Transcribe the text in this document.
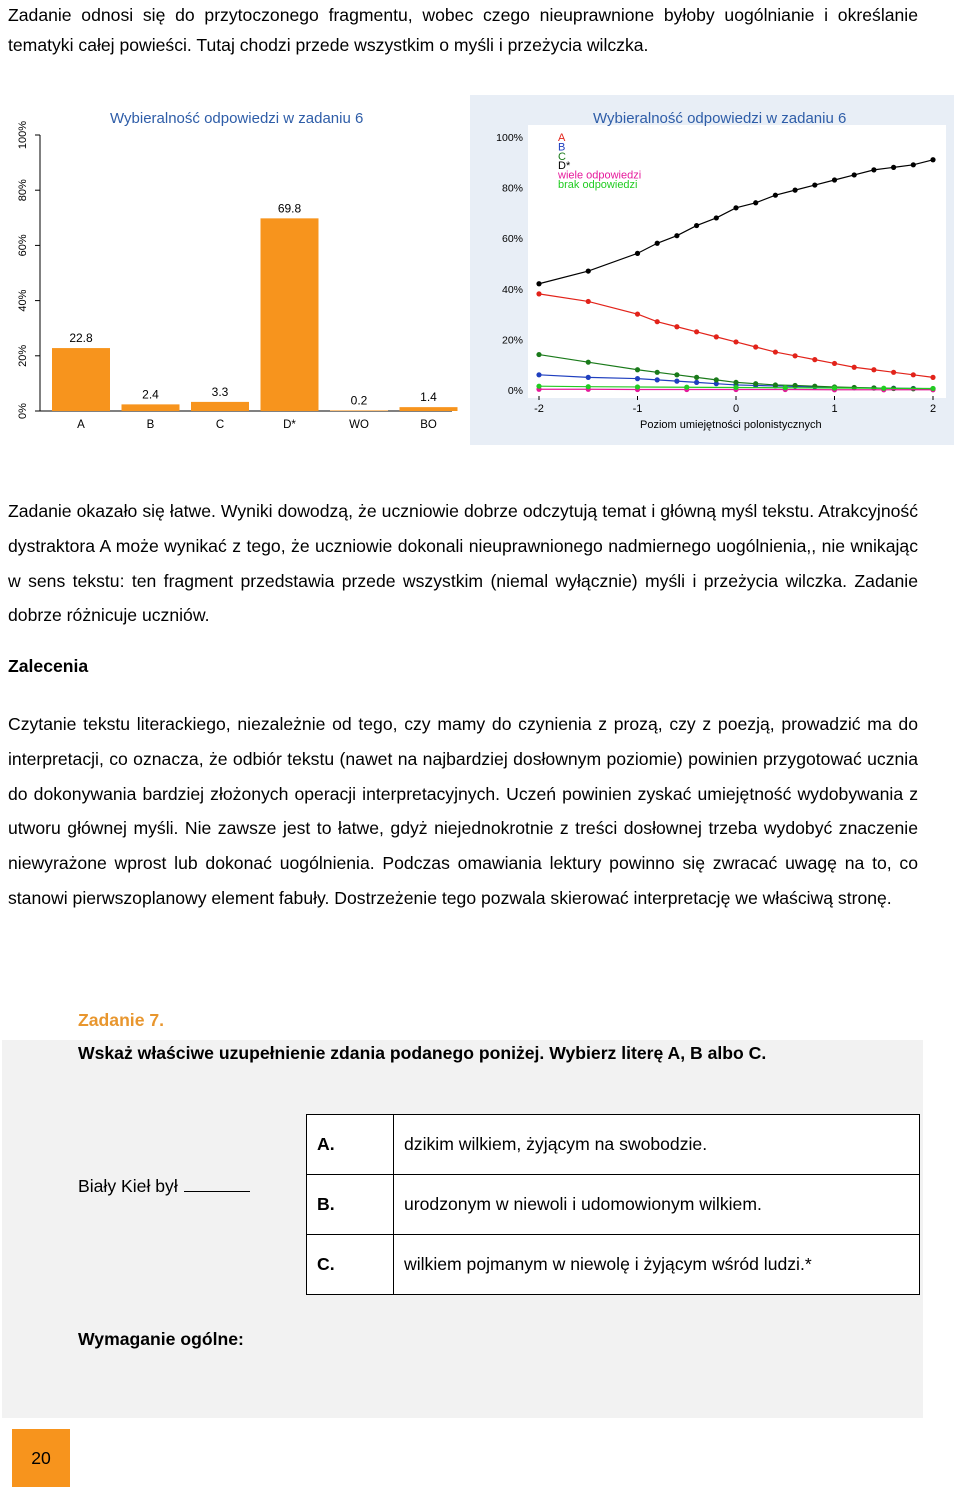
Zadanie odnosi się do przytoczonego fragmentu, wobec czego nieuprawnione byłoby uogólnianie i określanie tematyki całej powieści. Tutaj chodzi przede wszystkim o myśli i przeżycia wilczka.

Wybieralność odpowiedzi w zadaniu 6
0%
20%
40%
60%
80%
100%
22.8
A
2.4
B
3.3
C
69.8
D*
0.2
WO
1.4
BO
Wybieralność odpowiedzi w zadaniu 6
0%
20%
40%
60%
80%
100%
-2	-1	0	1	2
Poziom umiejętności polonistycznych
A
B
C
D*
wiele odpowiedzi
brak odpowiedzi

Zadanie okazało się łatwe. Wyniki dowodzą, że uczniowie dobrze odczytują temat i główną myśl tekstu. Atrakcyjność dystraktora A może wynikać z tego, że uczniowie dokonali nieuprawnionego nadmiernego uogólnienia,, nie wnikając w sens tekstu: ten fragment przedstawia przede wszystkim (niemal wyłącznie) myśli i przeżycia wilczka. Zadanie dobrze różnicuje uczniów.

Zalecenia

Czytanie tekstu literackiego, niezależnie od tego, czy mamy do czynienia z prozą, czy z poezją, prowadzić ma do interpretacji, co oznacza, że odbiór tekstu (nawet na najbardziej dosłownym poziomie) powinien przygotować ucznia do dokonywania bardziej złożonych operacji interpretacyjnych. Uczeń powinien zyskać umiejętność wydobywania z utworu głównej myśli. Nie zawsze jest to łatwe, gdyż niejednokrotnie z treści dosłownej trzeba wydobyć znaczenie niewyrażone wprost lub dokonać uogólnienia. Podczas omawiania lektury powinno się zwracać uwagę na to, co stanowi pierwszoplanowy element fabuły. Dostrzeżenie tego pozwala skierować interpretację we właściwą stronę.

Zadanie 7.

Wskaż właściwe uzupełnienie zdania podanego poniżej. Wybierz literę A, B albo C.

Biały Kieł był

A.	dzikim wilkiem, żyjącym na swobodzie.
B.	urodzonym w niewoli i udomowionym wilkiem.
C.	wilkiem pojmanym w niewolę i żyjącym wśród ludzi.*

Wymaganie ogólne:

20
